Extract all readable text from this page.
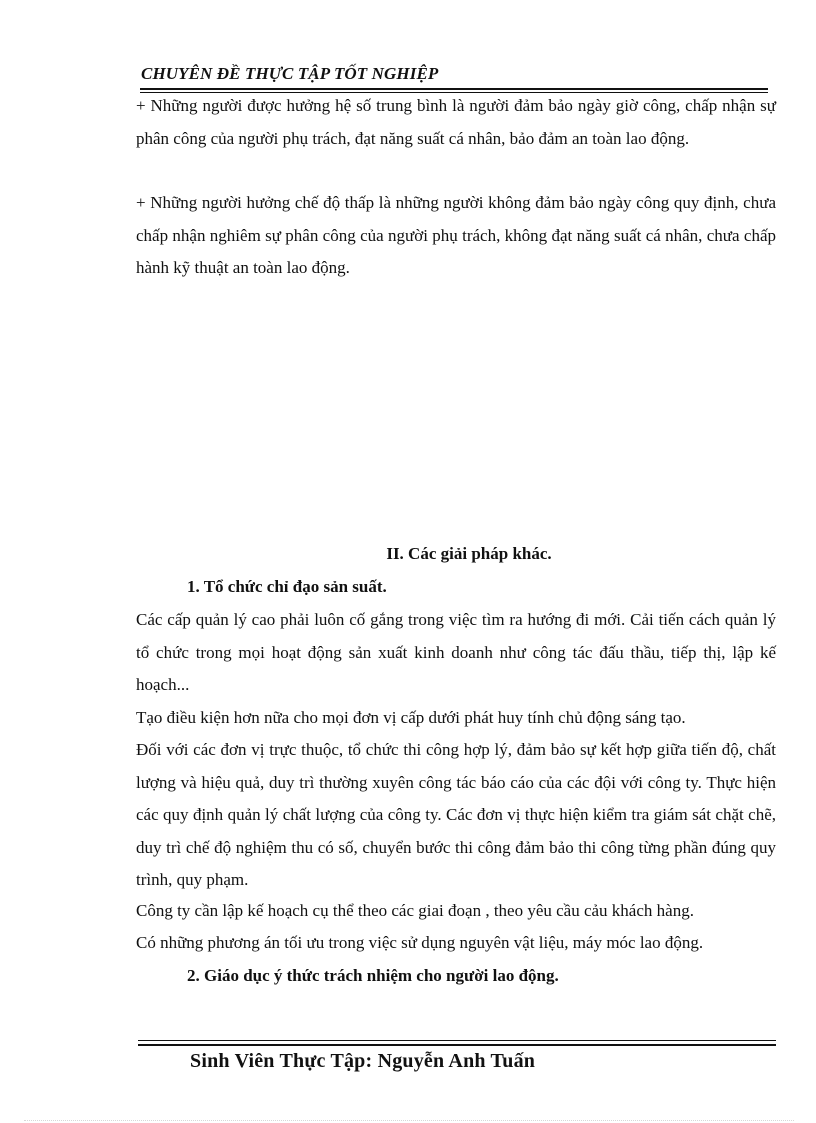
CHUYÊN ĐỀ THỰC TẬP TỐT NGHIỆP

+ Những người được hưởng hệ số trung bình là người đảm bảo ngày giờ công, chấp nhận sự phân công của người phụ trách, đạt năng suất cá nhân, bảo đảm an toàn lao động.

+ Những người hưởng chế độ thấp là những người không đảm bảo ngày công quy định, chưa chấp nhận nghiêm sự phân công của người phụ trách, không đạt năng suất cá nhân, chưa chấp hành kỹ thuật an toàn lao động.

II. Các giải pháp khác.

1. Tổ chức chỉ đạo sản suất.

Các cấp quản lý cao phải luôn cố gắng trong việc tìm ra hướng đi mới. Cải tiến cách quản lý tổ chức trong mọi hoạt động sản xuất kinh doanh như công tác đấu thầu, tiếp thị, lập kế hoạch...

Tạo điều kiện hơn nữa cho mọi đơn vị cấp dưới phát huy tính chủ động sáng tạo.

Đối với các đơn vị trực thuộc, tổ chức thi công hợp lý, đảm bảo sự kết hợp giữa tiến độ, chất lượng và hiệu quả, duy trì thường xuyên công tác báo cáo của các đội với công ty. Thực hiện các quy định quản lý chất lượng của công ty. Các đơn vị thực hiện kiểm tra giám sát chặt chẽ, duy trì chế độ nghiệm thu có số, chuyển bước thi công đảm bảo thi công từng phần đúng quy trình, quy phạm.

Công ty cần lập kế hoạch cụ thể theo các giai đoạn , theo yêu cầu cảu khách hàng.

Có những phương án tối ưu trong việc sử dụng nguyên vật liệu, máy móc lao động.

2. Giáo dục ý thức trách nhiệm cho người lao động.

Sinh Viên Thực Tập: Nguyễn Anh Tuấn
